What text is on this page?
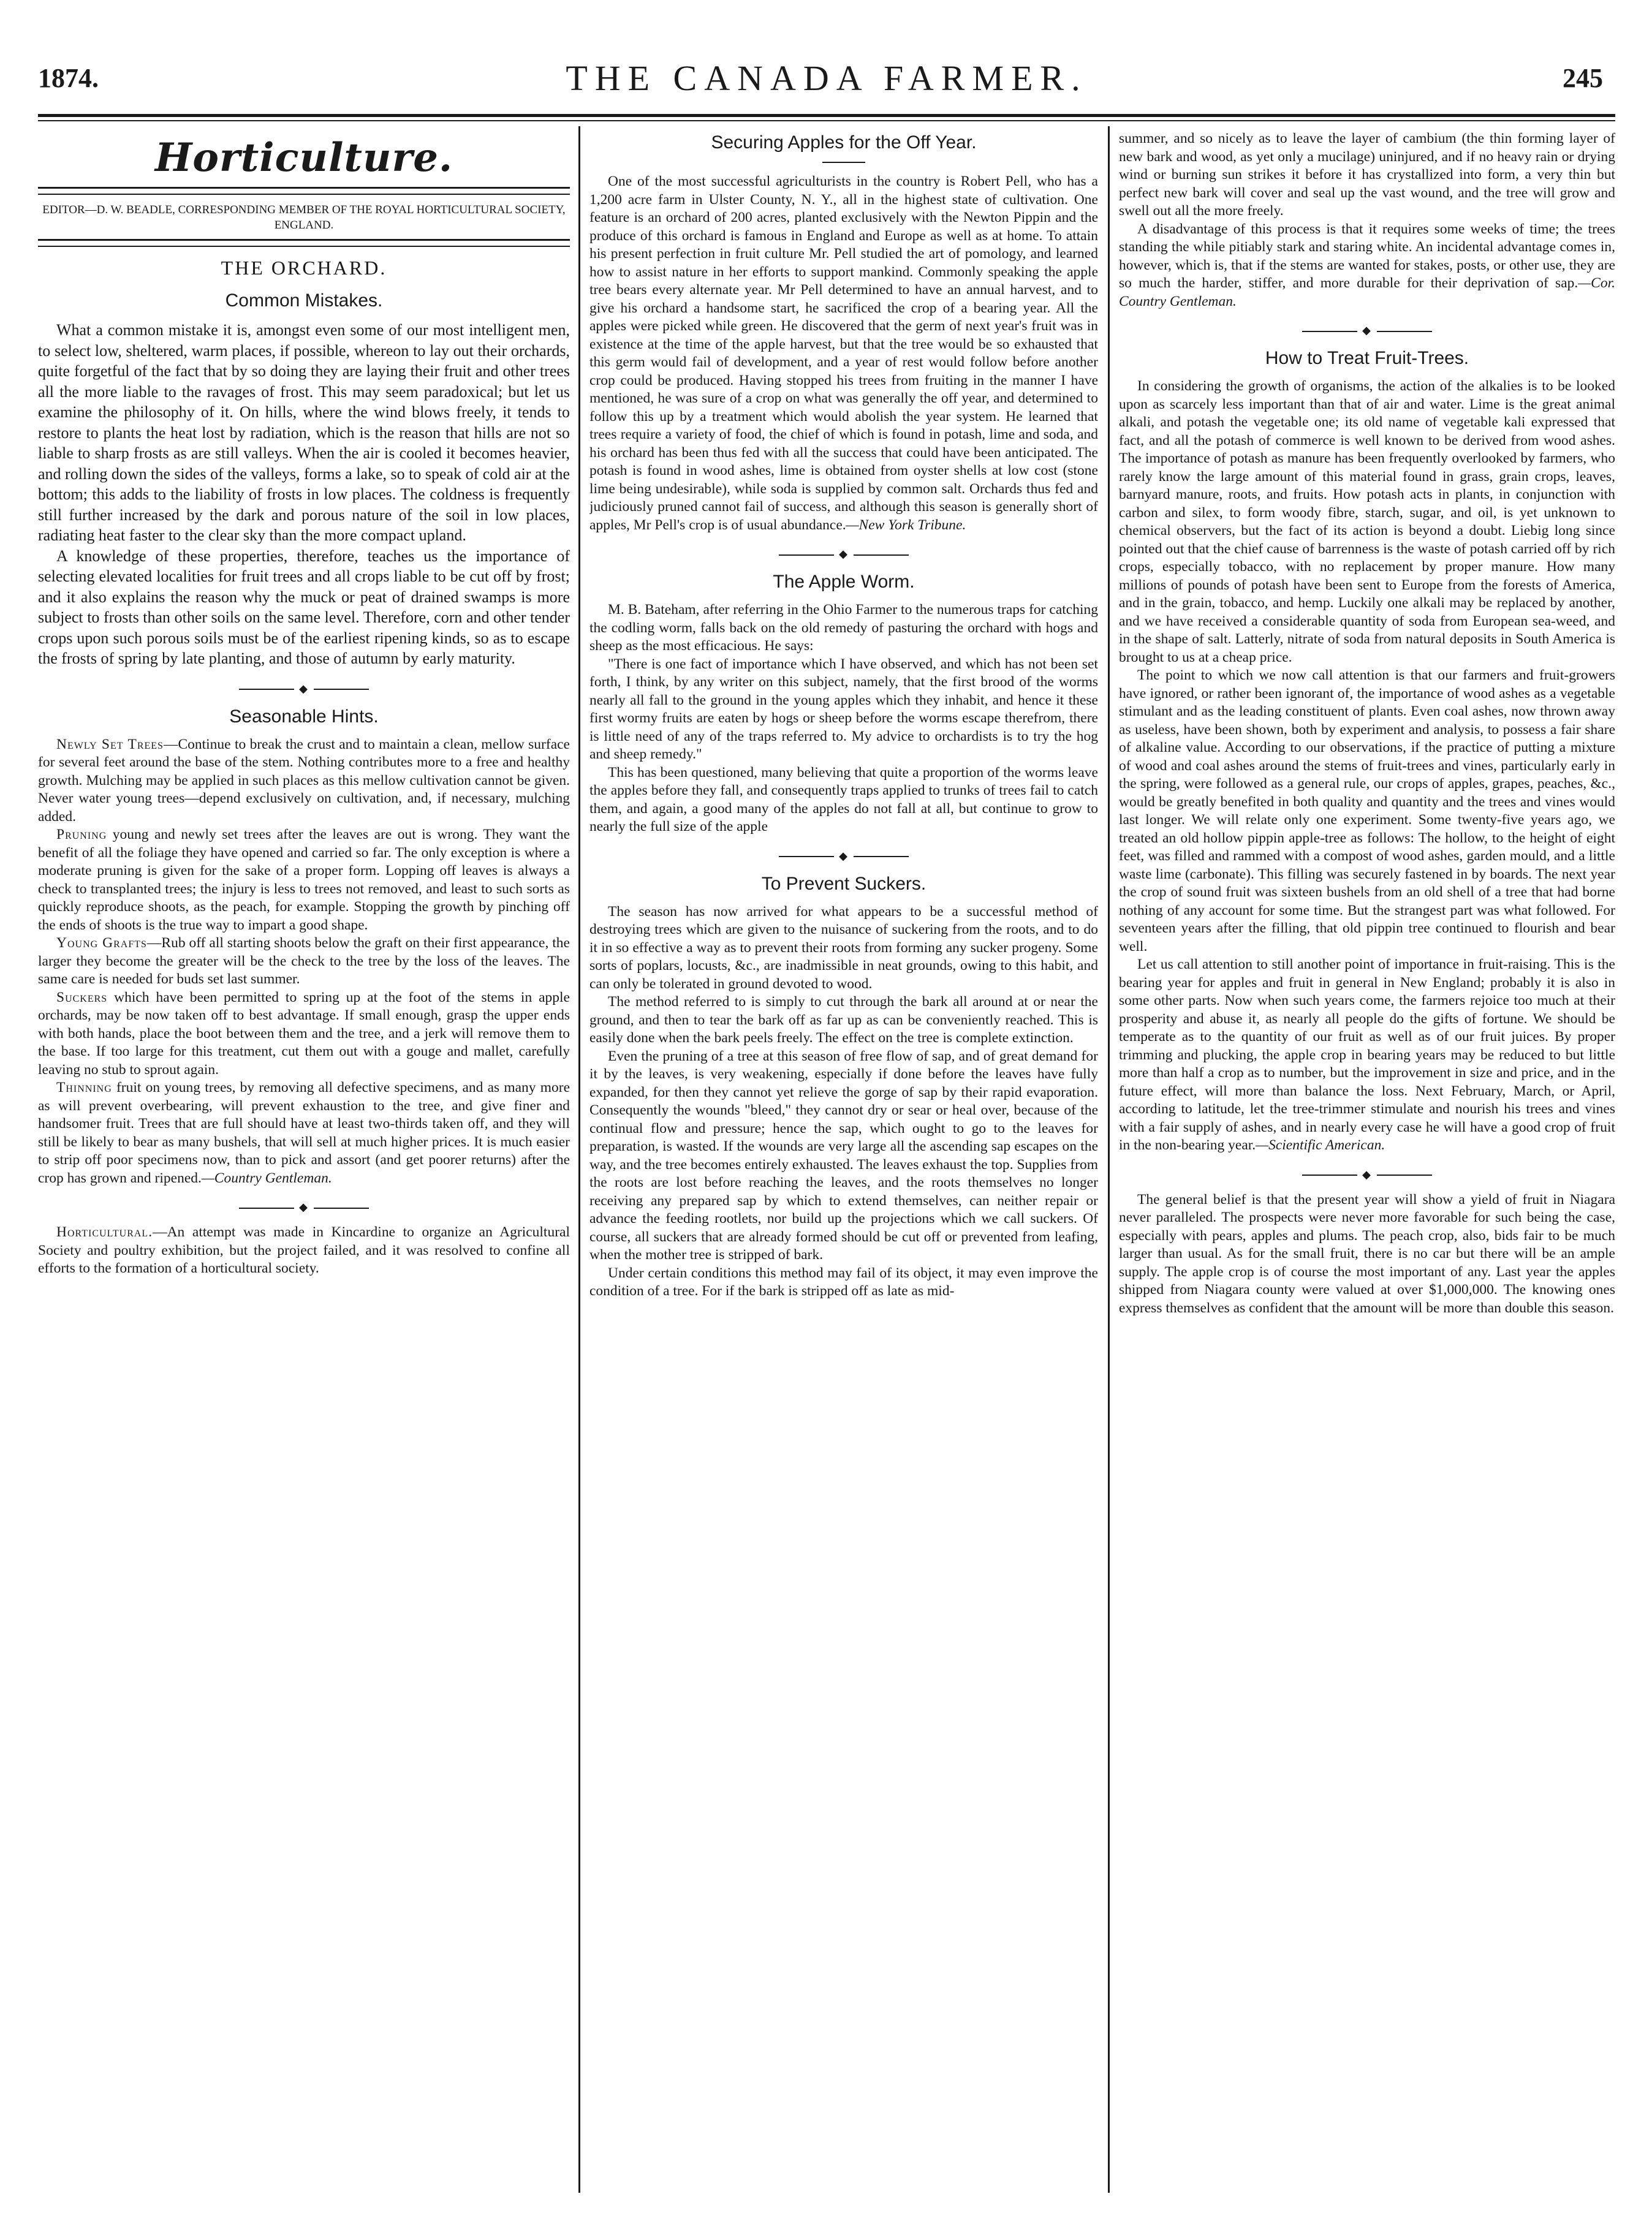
1874.	THE CANADA FARMER.	245
Horticulture.
EDITOR—D. W. BEADLE, CORRESPONDING MEMBER OF THE ROYAL HORTICULTURAL SOCIETY, ENGLAND.
THE ORCHARD.
Common Mistakes.

What a common mistake it is, amongst even some of our most intelligent men, to select low, sheltered, warm places, if possible, whereon to lay out their orchards, quite forgetful of the fact that by so doing they are laying their fruit and other trees all the more liable to the ravages of frost. This may seem paradoxical; but let us examine the philosophy of it. On hills, where the wind blows freely, it tends to restore to plants the heat lost by radiation, which is the reason that hills are not so liable to sharp frosts as are still valleys. When the air is cooled it becomes heavier, and rolling down the sides of the valleys, forms a lake, so to speak of cold air at the bottom; this adds to the liability of frosts in low places. The coldness is frequently still further increased by the dark and porous nature of the soil in low places, radiating heat faster to the clear sky than the more compact upland.

A knowledge of these properties, therefore, teaches us the importance of selecting elevated localities for fruit trees and all crops liable to be cut off by frost; and it also explains the reason why the muck or peat of drained swamps is more subject to frosts than other soils on the same level. Therefore, corn and other tender crops upon such porous soils must be of the earliest ripening kinds, so as to escape the frosts of spring by late planting, and those of autumn by early maturity.

◆
Seasonable Hints.

Newly Set Trees—Continue to break the crust and to maintain a clean, mellow surface for several feet around the base of the stem. Nothing contributes more to a free and healthy growth. Mulching may be applied in such places as this mellow cultivation cannot be given. Never water young trees—depend exclusively on cultivation, and, if necessary, mulching added.

Pruning young and newly set trees after the leaves are out is wrong. They want the benefit of all the foliage they have opened and carried so far. The only exception is where a moderate pruning is given for the sake of a proper form. Lopping off leaves is always a check to transplanted trees; the injury is less to trees not removed, and least to such sorts as quickly reproduce shoots, as the peach, for example. Stopping the growth by pinching off the ends of shoots is the true way to impart a good shape.

Young Grafts—Rub off all starting shoots below the graft on their first appearance, the larger they become the greater will be the check to the tree by the loss of the leaves. The same care is needed for buds set last summer.

Suckers which have been permitted to spring up at the foot of the stems in apple orchards, may be now taken off to best advantage. If small enough, grasp the upper ends with both hands, place the boot between them and the tree, and a jerk will remove them to the base. If too large for this treatment, cut them out with a gouge and mallet, carefully leaving no stub to sprout again.

Thinning fruit on young trees, by removing all defective specimens, and as many more as will prevent overbearing, will prevent exhaustion to the tree, and give finer and handsomer fruit. Trees that are full should have at least two-thirds taken off, and they will still be likely to bear as many bushels, that will sell at much higher prices. It is much easier to strip off poor specimens now, than to pick and assort (and get poorer returns) after the crop has grown and ripened.—Country Gentleman.

◆

Horticultural.—An attempt was made in Kincardine to organize an Agricultural Society and poultry exhibition, but the project failed, and it was resolved to confine all efforts to the formation of a horticultural society.

Securing Apples for the Off Year.

One of the most successful agriculturists in the country is Robert Pell, who has a 1,200 acre farm in Ulster County, N. Y., all in the highest state of cultivation. One feature is an orchard of 200 acres, planted exclusively with the Newton Pippin and the produce of this orchard is famous in England and Europe as well as at home. To attain his present perfection in fruit culture Mr. Pell studied the art of pomology, and learned how to assist nature in her efforts to support mankind. Commonly speaking the apple tree bears every alternate year. Mr Pell determined to have an annual harvest, and to give his orchard a handsome start, he sacrificed the crop of a bearing year. All the apples were picked while green. He discovered that the germ of next year's fruit was in existence at the time of the apple harvest, but that the tree would be so exhausted that this germ would fail of development, and a year of rest would follow before another crop could be produced. Having stopped his trees from fruiting in the manner I have mentioned, he was sure of a crop on what was generally the off year, and determined to follow this up by a treatment which would abolish the year system. He learned that trees require a variety of food, the chief of which is found in potash, lime and soda, and his orchard has been thus fed with all the success that could have been anticipated. The potash is found in wood ashes, lime is obtained from oyster shells at low cost (stone lime being undesirable), while soda is supplied by common salt. Orchards thus fed and judiciously pruned cannot fail of success, and although this season is generally short of apples, Mr Pell's crop is of usual abundance.—New York Tribune.

◆
The Apple Worm.

M. B. Bateham, after referring in the Ohio Farmer to the numerous traps for catching the codling worm, falls back on the old remedy of pasturing the orchard with hogs and sheep as the most efficacious. He says:

"There is one fact of importance which I have observed, and which has not been set forth, I think, by any writer on this subject, namely, that the first brood of the worms nearly all fall to the ground in the young apples which they inhabit, and hence it these first wormy fruits are eaten by hogs or sheep before the worms escape therefrom, there is little need of any of the traps referred to. My advice to orchardists is to try the hog and sheep remedy."

This has been questioned, many believing that quite a proportion of the worms leave the apples before they fall, and consequently traps applied to trunks of trees fail to catch them, and again, a good many of the apples do not fall at all, but continue to grow to nearly the full size of the apple

◆
To Prevent Suckers.

The season has now arrived for what appears to be a successful method of destroying trees which are given to the nuisance of suckering from the roots, and to do it in so effective a way as to prevent their roots from forming any sucker progeny. Some sorts of poplars, locusts, &c., are inadmissible in neat grounds, owing to this habit, and can only be tolerated in ground devoted to wood.

The method referred to is simply to cut through the bark all around at or near the ground, and then to tear the bark off as far up as can be conveniently reached. This is easily done when the bark peels freely. The effect on the tree is complete extinction.

Even the pruning of a tree at this season of free flow of sap, and of great demand for it by the leaves, is very weakening, especially if done before the leaves have fully expanded, for then they cannot yet relieve the gorge of sap by their rapid evaporation. Consequently the wounds "bleed," they cannot dry or sear or heal over, because of the continual flow and pressure; hence the sap, which ought to go to the leaves for preparation, is wasted. If the wounds are very large all the ascending sap escapes on the way, and the tree becomes entirely exhausted. The leaves exhaust the top. Supplies from the roots are lost before reaching the leaves, and the roots themselves no longer receiving any prepared sap by which to extend themselves, can neither repair or advance the feeding rootlets, nor build up the projections which we call suckers. Of course, all suckers that are already formed should be cut off or prevented from leafing, when the mother tree is stripped of bark.

Under certain conditions this method may fail of its object, it may even improve the condition of a tree. For if the bark is stripped off as late as mid-

summer, and so nicely as to leave the layer of cambium (the thin forming layer of new bark and wood, as yet only a mucilage) uninjured, and if no heavy rain or drying wind or burning sun strikes it before it has crystallized into form, a very thin but perfect new bark will cover and seal up the vast wound, and the tree will grow and swell out all the more freely.

A disadvantage of this process is that it requires some weeks of time; the trees standing the while pitiably stark and staring white. An incidental advantage comes in, however, which is, that if the stems are wanted for stakes, posts, or other use, they are so much the harder, stiffer, and more durable for their deprivation of sap.—Cor. Country Gentleman.

◆
How to Treat Fruit-Trees.

In considering the growth of organisms, the action of the alkalies is to be looked upon as scarcely less important than that of air and water. Lime is the great animal alkali, and potash the vegetable one; its old name of vegetable kali expressed that fact, and all the potash of commerce is well known to be derived from wood ashes. The importance of potash as manure has been frequently overlooked by farmers, who rarely know the large amount of this material found in grass, grain crops, leaves, barnyard manure, roots, and fruits. How potash acts in plants, in conjunction with carbon and silex, to form woody fibre, starch, sugar, and oil, is yet unknown to chemical observers, but the fact of its action is beyond a doubt. Liebig long since pointed out that the chief cause of barrenness is the waste of potash carried off by rich crops, especially tobacco, with no replacement by proper manure. How many millions of pounds of potash have been sent to Europe from the forests of America, and in the grain, tobacco, and hemp. Luckily one alkali may be replaced by another, and we have received a considerable quantity of soda from European sea-weed, and in the shape of salt. Latterly, nitrate of soda from natural deposits in South America is brought to us at a cheap price.

The point to which we now call attention is that our farmers and fruit-growers have ignored, or rather been ignorant of, the importance of wood ashes as a vegetable stimulant and as the leading constituent of plants. Even coal ashes, now thrown away as useless, have been shown, both by experiment and analysis, to possess a fair share of alkaline value. According to our observations, if the practice of putting a mixture of wood and coal ashes around the stems of fruit-trees and vines, particularly early in the spring, were followed as a general rule, our crops of apples, grapes, peaches, &c., would be greatly benefited in both quality and quantity and the trees and vines would last longer. We will relate only one experiment. Some twenty-five years ago, we treated an old hollow pippin apple-tree as follows: The hollow, to the height of eight feet, was filled and rammed with a compost of wood ashes, garden mould, and a little waste lime (carbonate). This filling was securely fastened in by boards. The next year the crop of sound fruit was sixteen bushels from an old shell of a tree that had borne nothing of any account for some time. But the strangest part was what followed. For seventeen years after the filling, that old pippin tree continued to flourish and bear well.

Let us call attention to still another point of importance in fruit-raising. This is the bearing year for apples and fruit in general in New England; probably it is also in some other parts. Now when such years come, the farmers rejoice too much at their prosperity and abuse it, as nearly all people do the gifts of fortune. We should be temperate as to the quantity of our fruit as well as of our fruit juices. By proper trimming and plucking, the apple crop in bearing years may be reduced to but little more than half a crop as to number, but the improvement in size and price, and in the future effect, will more than balance the loss. Next February, March, or April, according to latitude, let the tree-trimmer stimulate and nourish his trees and vines with a fair supply of ashes, and in nearly every case he will have a good crop of fruit in the non-bearing year.—Scientific American.

◆

The general belief is that the present year will show a yield of fruit in Niagara never paralleled. The prospects were never more favorable for such being the case, especially with pears, apples and plums. The peach crop, also, bids fair to be much larger than usual. As for the small fruit, there is no car but there will be an ample supply. The apple crop is of course the most important of any. Last year the apples shipped from Niagara county were valued at over $1,000,000. The knowing ones express themselves as confident that the amount will be more than double this season.
